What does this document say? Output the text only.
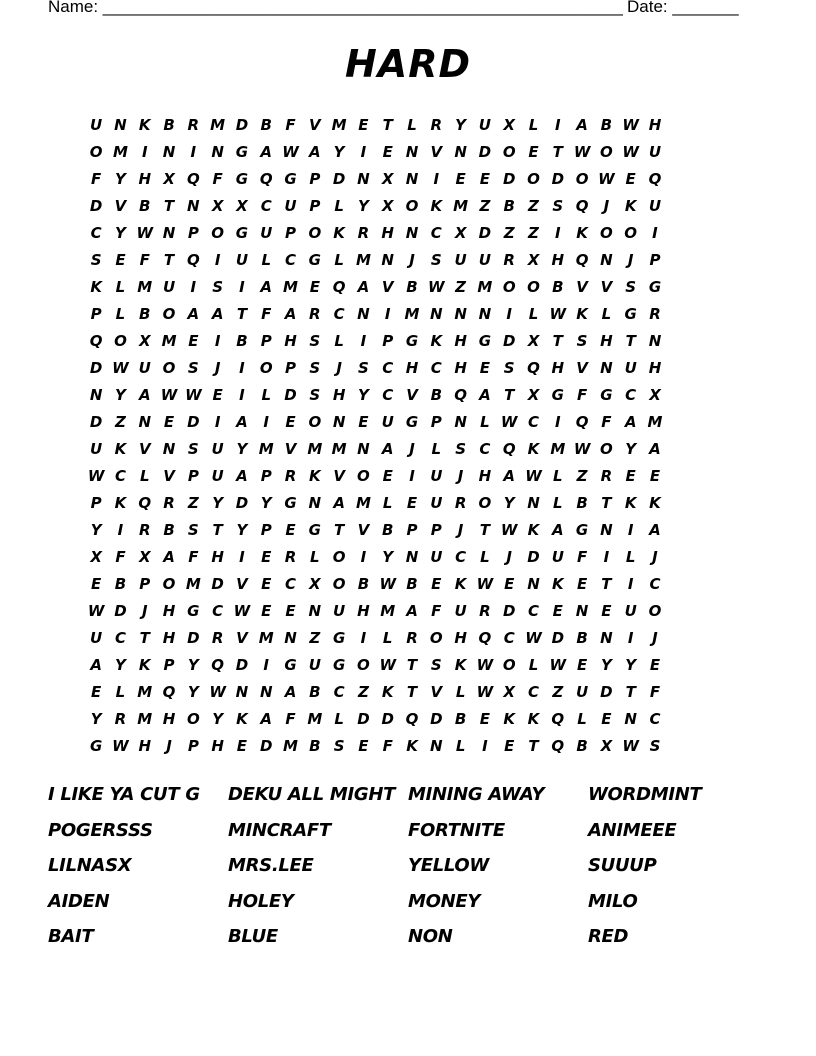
Name: _______________________________________________________ Date: _______
HARD
U N K B R M D B F V M E T L R Y U X L	I	A B W H
O M I	N	I	N G A W A Y	I	E N V N D O E T W O W U
F Y H X Q F G Q G P D N X N	I	E E D O D O W E Q
D V B T N X X C U P L Y X O K M Z B Z S Q	J	K U
C Y W N P O G U P O K R H N C X D Z Z	I	K O O	I
S E F T Q	I	U L C G L M N	J	S U U R X H Q N	J	P
K L M U	I	S	I	A M E Q A V B W Z M O O B V V S G
P L B O A A T F A R C N	I M N N N	I	L W K L G R
Q O X M E	I	B P H S L	I	P G K H G D X T S H T N
D W U O S	J	I	O P S	J	S C H C H E S Q H V N U H
N Y A W W E	I	L D S H Y C V B Q A T X G F G C X
D Z N E D	I	A	I	E O N E U G P N L W C	I	Q F A M
U K V N S U Y M V M M N A	J	L S C Q K M W O Y A
W C L V P U A P R K V O E	I	U	J	H A W L Z R E E
P K Q R Z Y D Y G N A M L E U R O Y N L B T K K
Y	I	R B S T Y P E G T V B P P	J	T W K A G N	I	A
X F X A F H	I	E R L O	I	Y N U C L	J	D U F	I	L	J
E B P O M D V E C X O B W B E K W E N K E T	I	C
W D	J	H G C W E E N U H M A F U R D C E N E U O
U C T H D R V M N Z G	I	L R O H Q C W D B N	I	J
A Y K P Y Q D	I	G U G O W T S K W O L W E Y Y E
E L M Q Y W N N A B C Z K T V L W X C Z U D T F
Y R M H O Y K A F M L D D Q D B E K K Q L E N C
G W H	J	P H E D M B S E F K N L	I	E T Q B X W S
I LIKE YA CUT G	DEKU ALL MIGHT MINING AWAY	WORDMINT
POGERSSS	MINCRAFT	FORTNITE	ANIMEEE
LILNASX	MRS.LEE	YELLOW	SUUUP
AIDEN	HOLEY	MONEY	MILO
BAIT	BLUE	NON	RED
